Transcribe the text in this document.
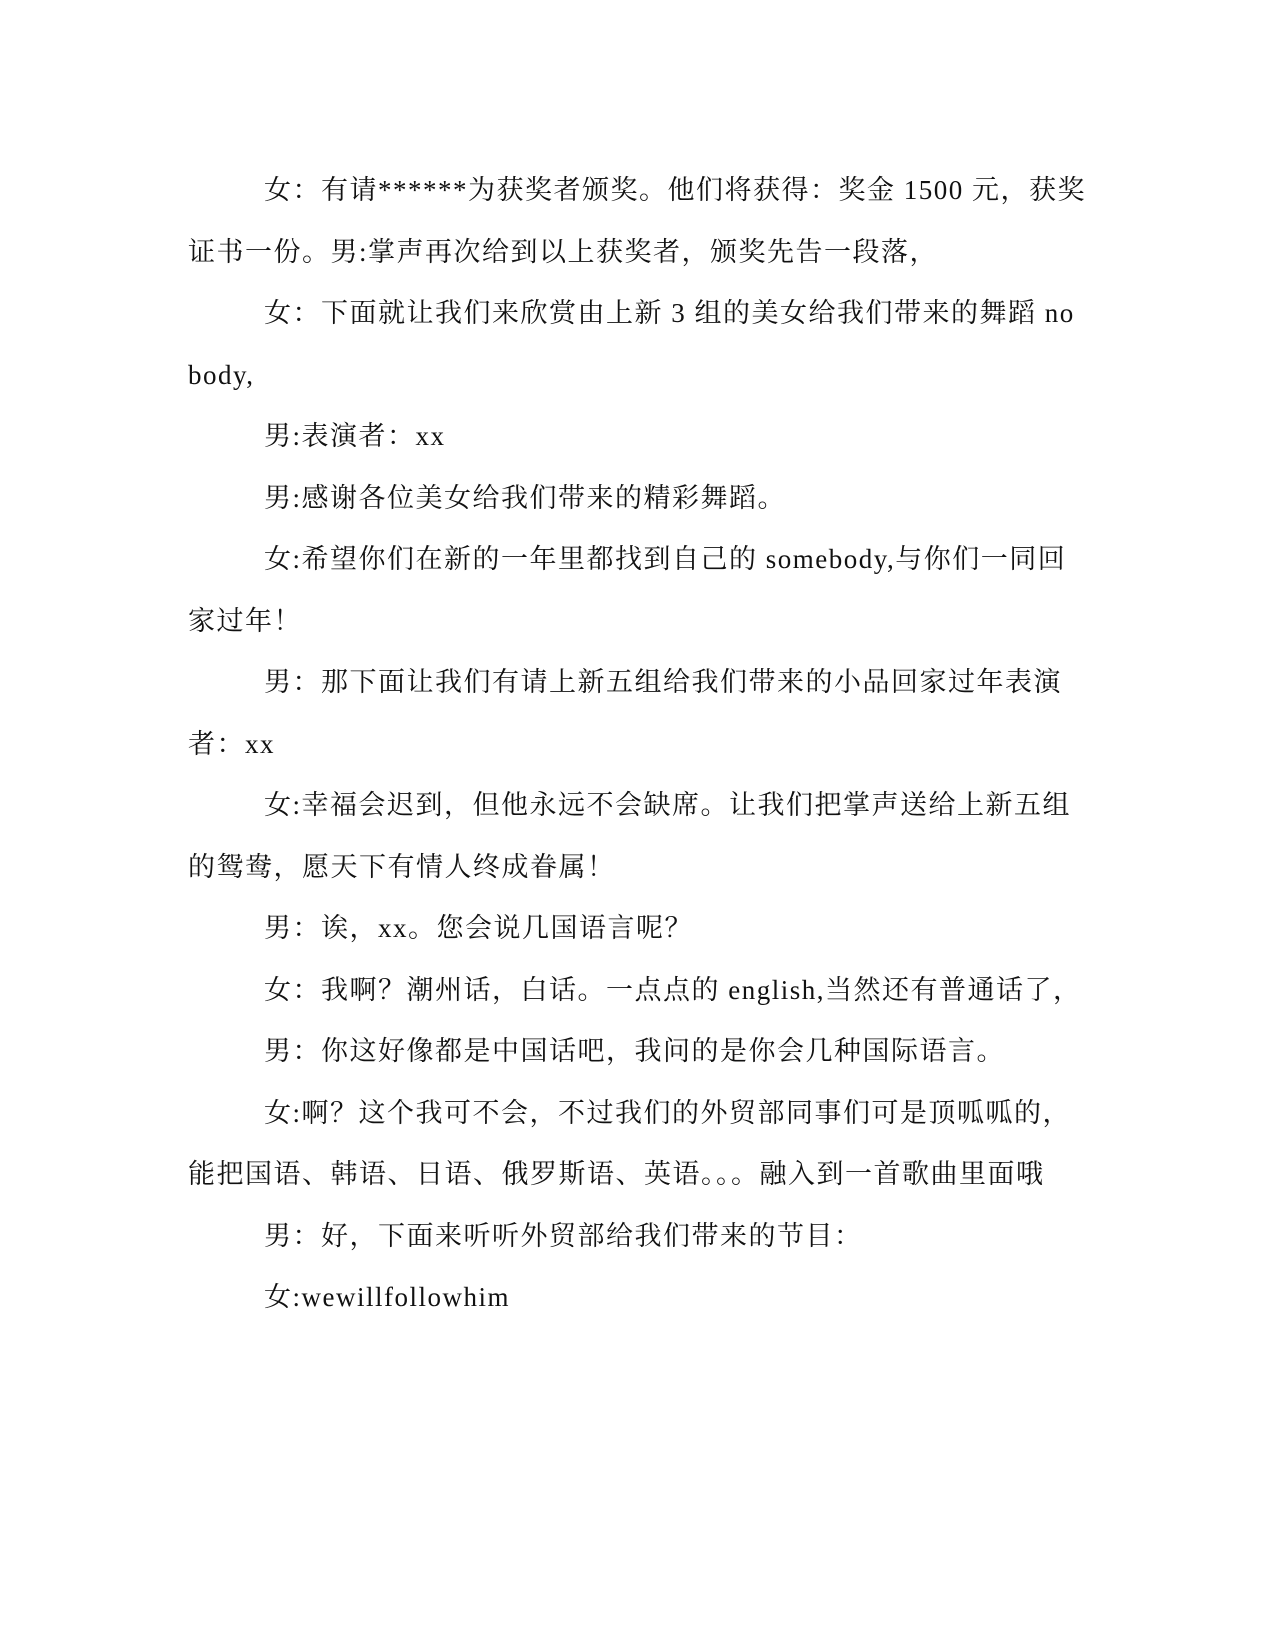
女：有请******为获奖者颁奖。他们将获得：奖金 1500 元，获奖证书一份。男:掌声再次给到以上获奖者，颁奖先告一段落，

女：下面就让我们来欣赏由上新 3 组的美女给我们带来的舞蹈 nobody,

男:表演者：xx

男:感谢各位美女给我们带来的精彩舞蹈。

女:希望你们在新的一年里都找到自己的 somebody,与你们一同回家过年！

男：那下面让我们有请上新五组给我们带来的小品回家过年表演者：xx

女:幸福会迟到，但他永远不会缺席。让我们把掌声送给上新五组的鸳鸯，愿天下有情人终成眷属！

男：诶，xx。您会说几国语言呢？

女：我啊？潮州话，白话。一点点的 english,当然还有普通话了，

男：你这好像都是中国话吧，我问的是你会几种国际语言。

女:啊？这个我可不会，不过我们的外贸部同事们可是顶呱呱的，能把国语、韩语、日语、俄罗斯语、英语。。。融入到一首歌曲里面哦

男：好，下面来听听外贸部给我们带来的节目：

女:wewillfollowhim
